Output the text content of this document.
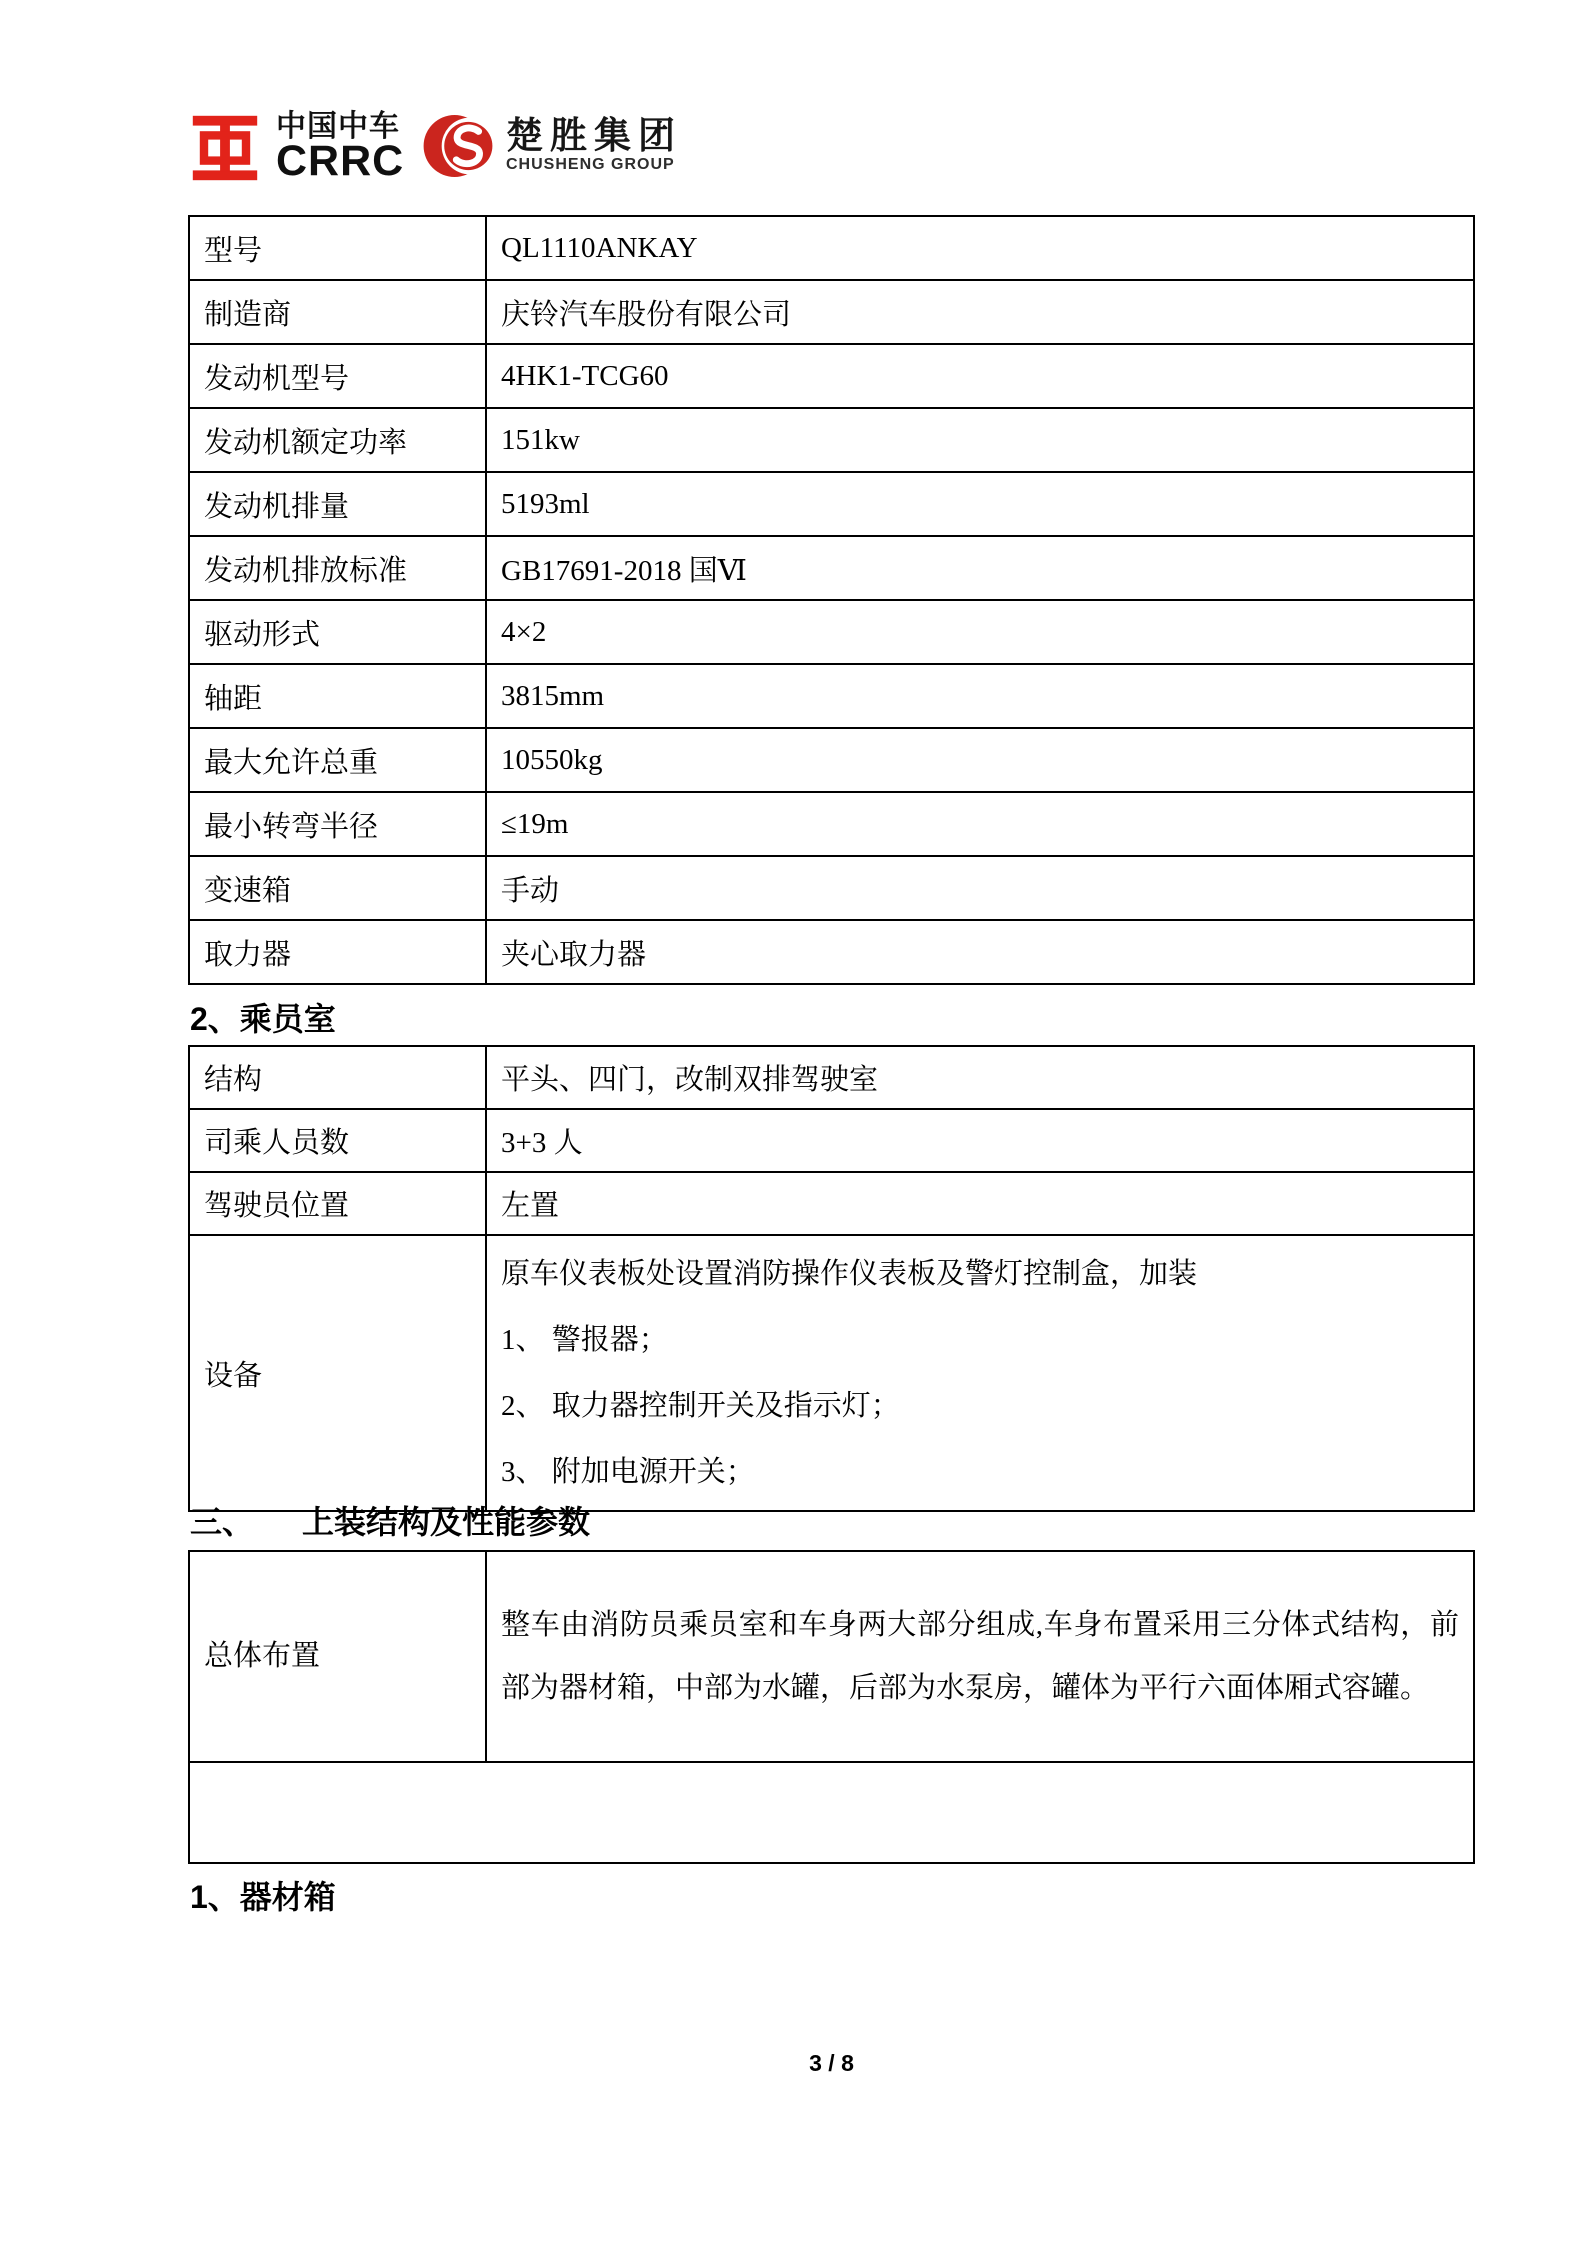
中国中车
CRRC
楚胜集团
CHUSHENG GROUP
型号	QL1110ANKAY
制造商	庆铃汽车股份有限公司
发动机型号	4HK1-TCG60
发动机额定功率	151kw
发动机排量	5193ml
发动机排放标准	GB17691-2018 国Ⅵ
驱动形式	4×2
轴距	3815mm
最大允许总重	10550kg
最小转弯半径	≤19m
变速箱	手动
取力器	夹心取力器
2、乘员室
结构	平头、四门，改制双排驾驶室
司乘人员数	3+3 人
驾驶员位置	左置
设备	原车仪表板处设置消防操作仪表板及警灯控制盒，加装
1、 警报器；
2、 取力器控制开关及指示灯；
3、 附加电源开关；
三、 上装结构及性能参数
总体布置	整车由消防员乘员室和车身两大部分组成,车身布置采用三分体式结构，前部为器材箱，中部为水罐，后部为水泵房，罐体为平行六面体厢式容罐。

1、器材箱
3 / 8
